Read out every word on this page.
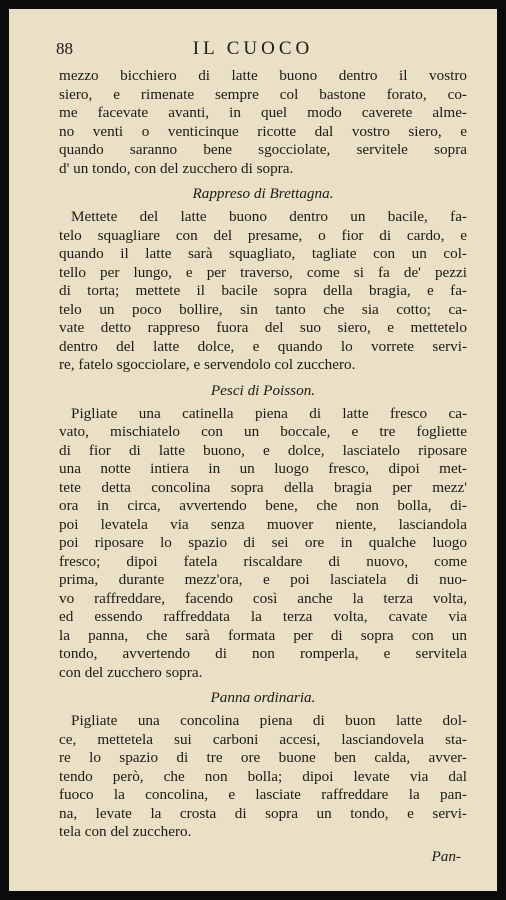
88	IL CUOCO
mezzo bicchiero di latte buono dentro il vostro
siero, e rimenate sempre col bastone forato, co-
me facevate avanti, in quel modo caverete alme-
no venti o venticinque ricotte dal vostro siero, e
quando saranno bene sgocciolate, servitele sopra
d' un tondo, con del zucchero di sopra.
Rappreso di Brettagna.
Mettete del latte buono dentro un bacile, fa-
telo squagliare con del presame, o fior di cardo, e
quando il latte sarà squagliato, tagliate con un col-
tello per lungo, e per traverso, come si fa de' pezzi
di torta; mettete il bacile sopra della bragia, e fa-
telo un poco bollire, sin tanto che sia cotto; ca-
vate detto rappreso fuora del suo siero, e mettetelo
dentro del latte dolce, e quando lo vorrete servi-
re, fatelo sgocciolare, e servendolo col zucchero.
Pesci di Poisson.
Pigliate una catinella piena di latte fresco ca-
vato, mischiatelo con un boccale, e tre fogliette
di fior di latte buono, e dolce, lasciatelo riposare
una notte intiera in un luogo fresco, dipoi met-
tete detta concolina sopra della bragia per mezz'
ora in circa, avvertendo bene, che non bolla, di-
poi levatela via senza muover niente, lasciandola
poi riposare lo spazio di sei ore in qualche luogo
fresco; dipoi fatela riscaldare di nuovo, come
prima, durante mezz'ora, e poi lasciatela di nuo-
vo raffreddare, facendo così anche la terza volta,
ed essendo raffreddata la terza volta, cavate via
la panna, che sarà formata per di sopra con un
tondo, avvertendo di non romperla, e servitela
con del zucchero sopra.
Panna ordinaria.
Pigliate una concolina piena di buon latte dol-
ce, mettetela sui carboni accesi, lasciandovela sta-
re lo spazio di tre ore buone ben calda, avver-
tendo però, che non bolla; dipoi levate via dal
fuoco la concolina, e lasciate raffreddare la pan-
na, levate la crosta di sopra un tondo, e servi-
tela con del zucchero.
Pan-
